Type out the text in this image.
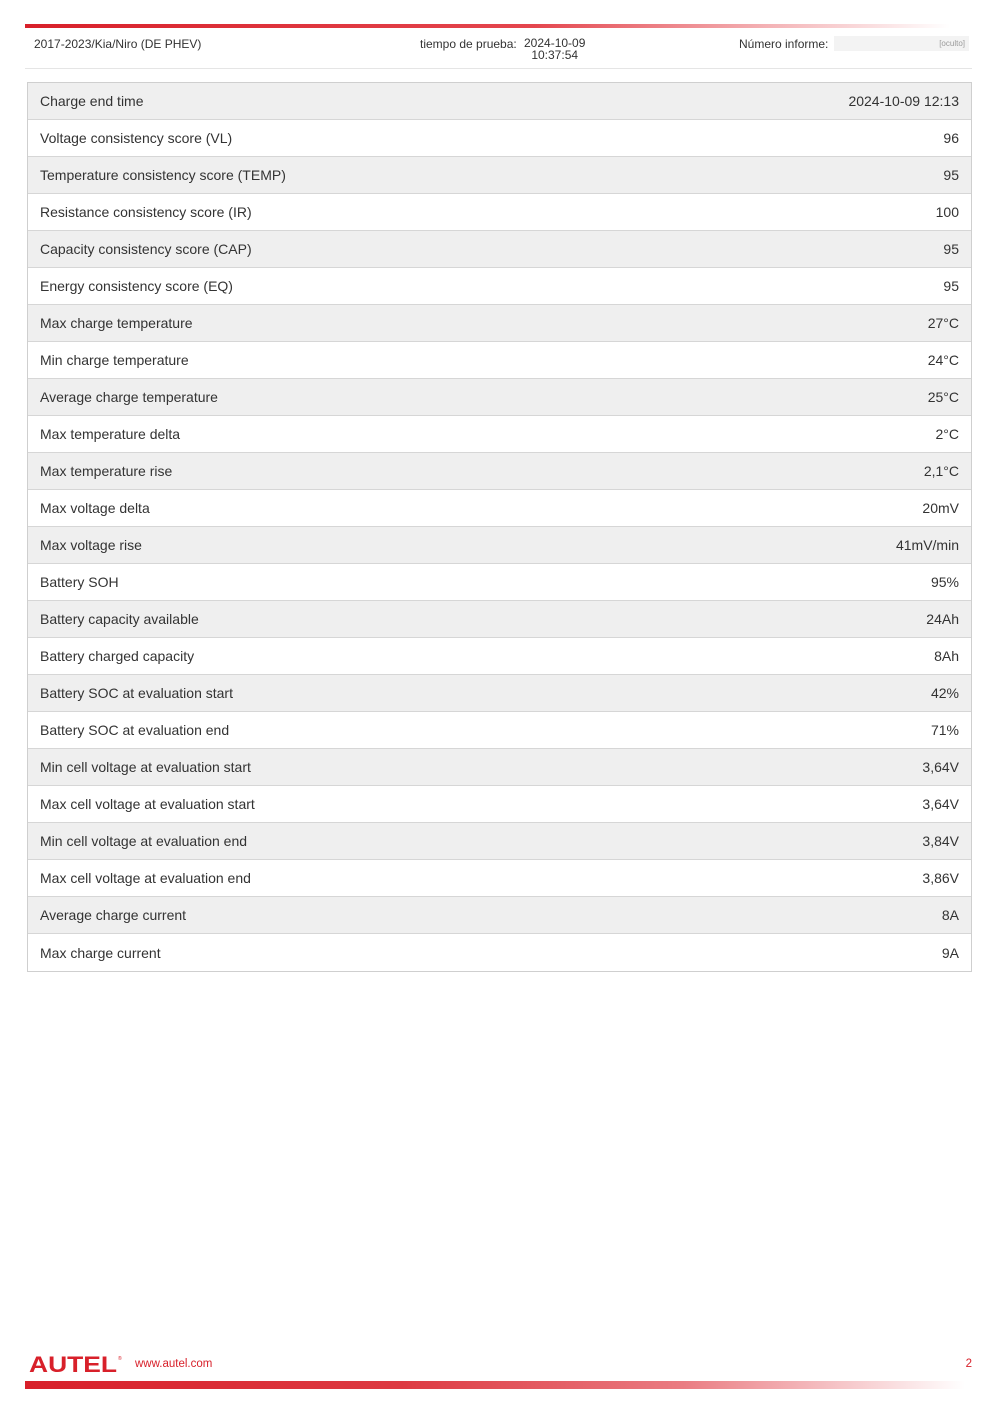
2017-2023/Kia/Niro (DE PHEV)	tiempo de prueba: 2024-10-09
10:37:54
Número informe:	[oculto]
Charge end time	2024-10-09 12:13
Voltage consistency score (VL)	96
Temperature consistency score (TEMP)	95
Resistance consistency score (IR)	100
Capacity consistency score (CAP)	95
Energy consistency score (EQ)	95
Max charge temperature	27°C
Min charge temperature	24°C
Average charge temperature	25°C
Max temperature delta	2°C
Max temperature rise	2,1°C
Max voltage delta	20mV
Max voltage rise	41mV/min
Battery SOH	95%
Battery capacity available	24Ah
Battery charged capacity	8Ah
Battery SOC at evaluation start	42%
Battery SOC at evaluation end	71%
Min cell voltage at evaluation start	3,64V
Max cell voltage at evaluation start	3,64V
Min cell voltage at evaluation end	3,84V
Max cell voltage at evaluation end	3,86V
Average charge current	8A
Max charge current	9A
AUTEL ® www.autel.com	2
